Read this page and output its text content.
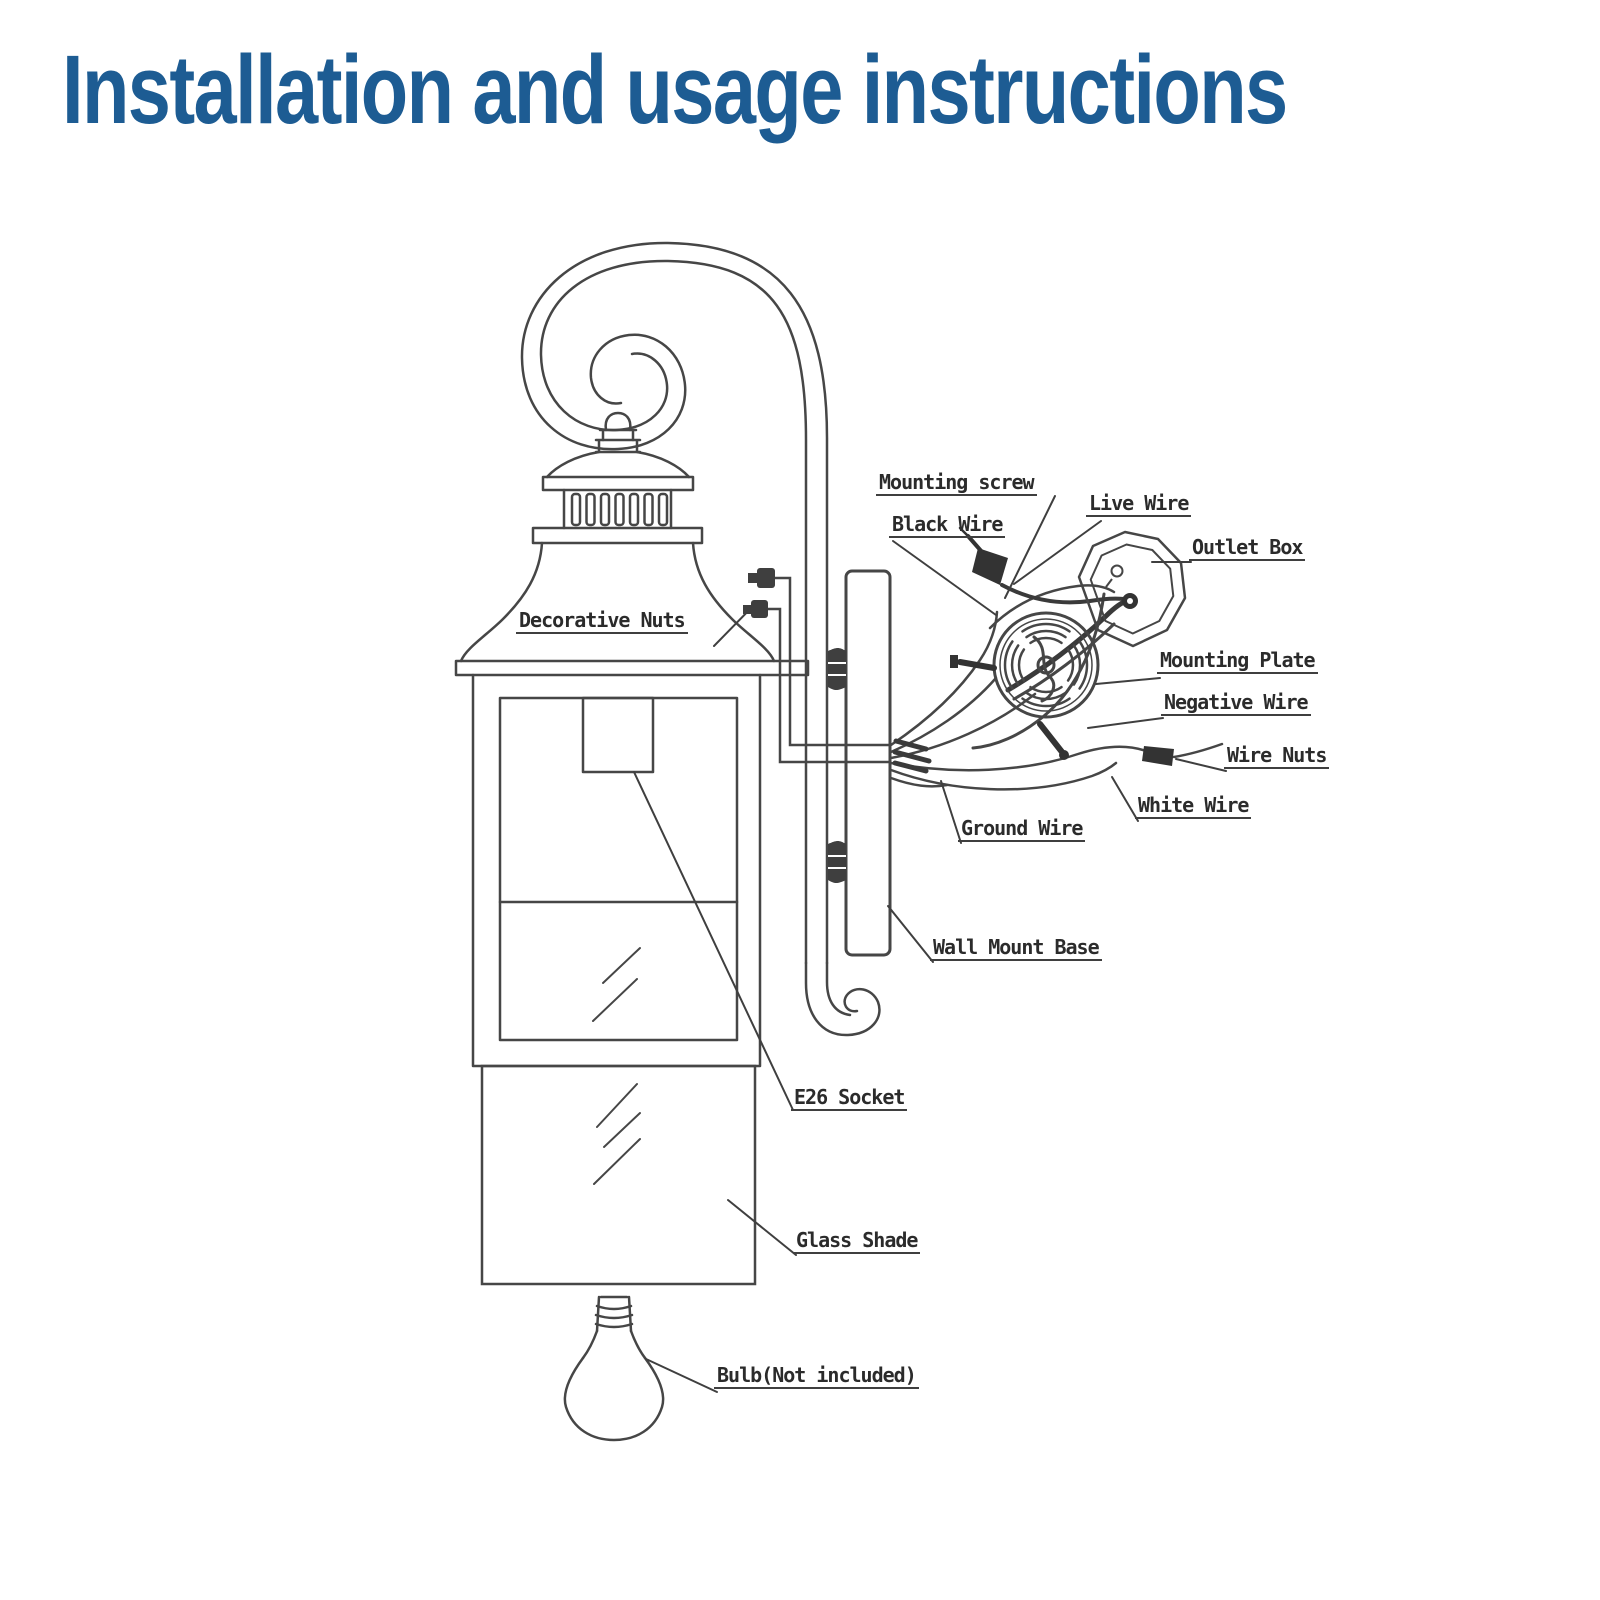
Installation and usage instructions
Mounting screw
Black Wire
Live Wire
Outlet Box
Mounting Plate
Negative Wire
Wire Nuts
White Wire
Ground Wire
Wall Mount Base
Decorative Nuts
E26 Socket
Glass Shade
Bulb(Not included)
